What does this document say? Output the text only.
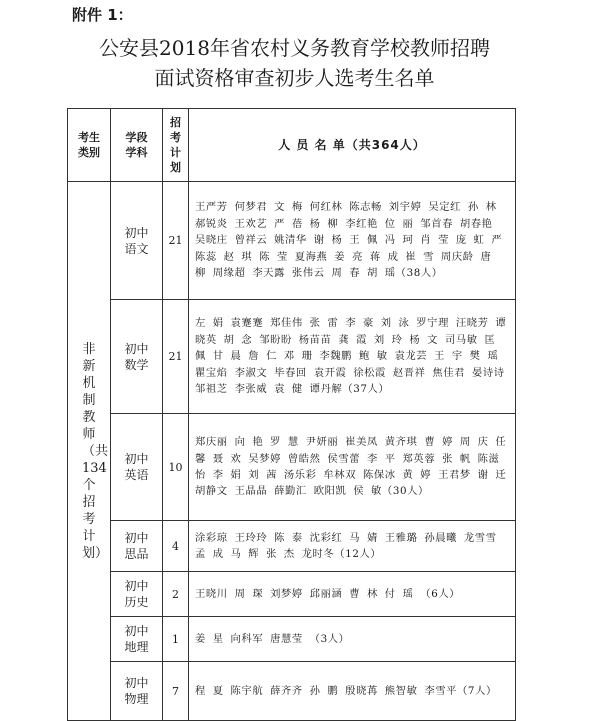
附件 1：
公安县2018年省农村义务教育学校教师招聘
面试资格审查初步人选考生名单
考生类别	学段学科	招考计划	人 员 名 单（共364人）

非新机制教师（共134个招考计划）	初中语文	21	王严芳 何梦君 文 梅 何红林 陈志畅 刘宇婷 吴定红 孙 林 郝锐炎 王欢艺 严 蓓 杨 柳 李红艳 位 丽 邹首春 胡春艳 吴晓庄 曾祥云 姚清华 谢 杨 王 佩 冯 珂 肖 莹 庞 虹 严陈蕊 赵 琪 陈 莹 夏海燕 姜 亮 蒋 成 崔 雪 周庆龄 唐 柳 周缘超 李天露 张伟云 周 春 胡 瑶（38人）

	初中数学	21	左 娟 袁蹇蹇 郑佳伟 张 雷 李 豪 刘 泳 罗宁理 汪晓芳 谭晓英 胡 念 邹盼盼 杨苗苗 龚 霞 刘 玲 杨 文 司马敏 匡 佩 甘 晨 詹 仁 邓 珊 李魏鹏 鲍 敏 袁龙芸 王 宇 樊 瑶 瞿宝焰 李淑文 毕春回 袁开霞 徐松霞 赵晋祥 焦佳君 晏诗诗 邹祖芝 李张威 袁 健 谭丹解（37人）

	初中英语	10	郑庆丽 向 艳 罗 慧 尹妍丽 崔美凤 黄齐琪 曹 婷 周 庆 任 馨 聂 欢 吴梦婷 曾皓然 侯雪蕾 李 平 郑英蓉 张 帆 陈滋怡 李 娟 刘 茜 汤乐彩 牟林双 陈保冰 黄 婷 王君梦 谢 迁 胡静文 王晶晶 薛勤汇 欧阳凯 侯 敏（30人）

	初中思品	4	涂彩琼 王玲玲 陈 泰 沈彩红 马 婧 王雅璐 孙晨曦 龙雪雪 孟 成 马 辉 张 杰 龙时冬（12人）

	初中历史	2	王晓川 周 琛 刘梦婷 邱丽涵 曹 林 付 瑶 （6人）

	初中地理	1	姜 星 向科军 唐慧莹 （3人）

	初中物理	7	程 夏 陈宇航 薛齐齐 孙 鹏 殷晓苒 熊智敏 李雪平（7人）
